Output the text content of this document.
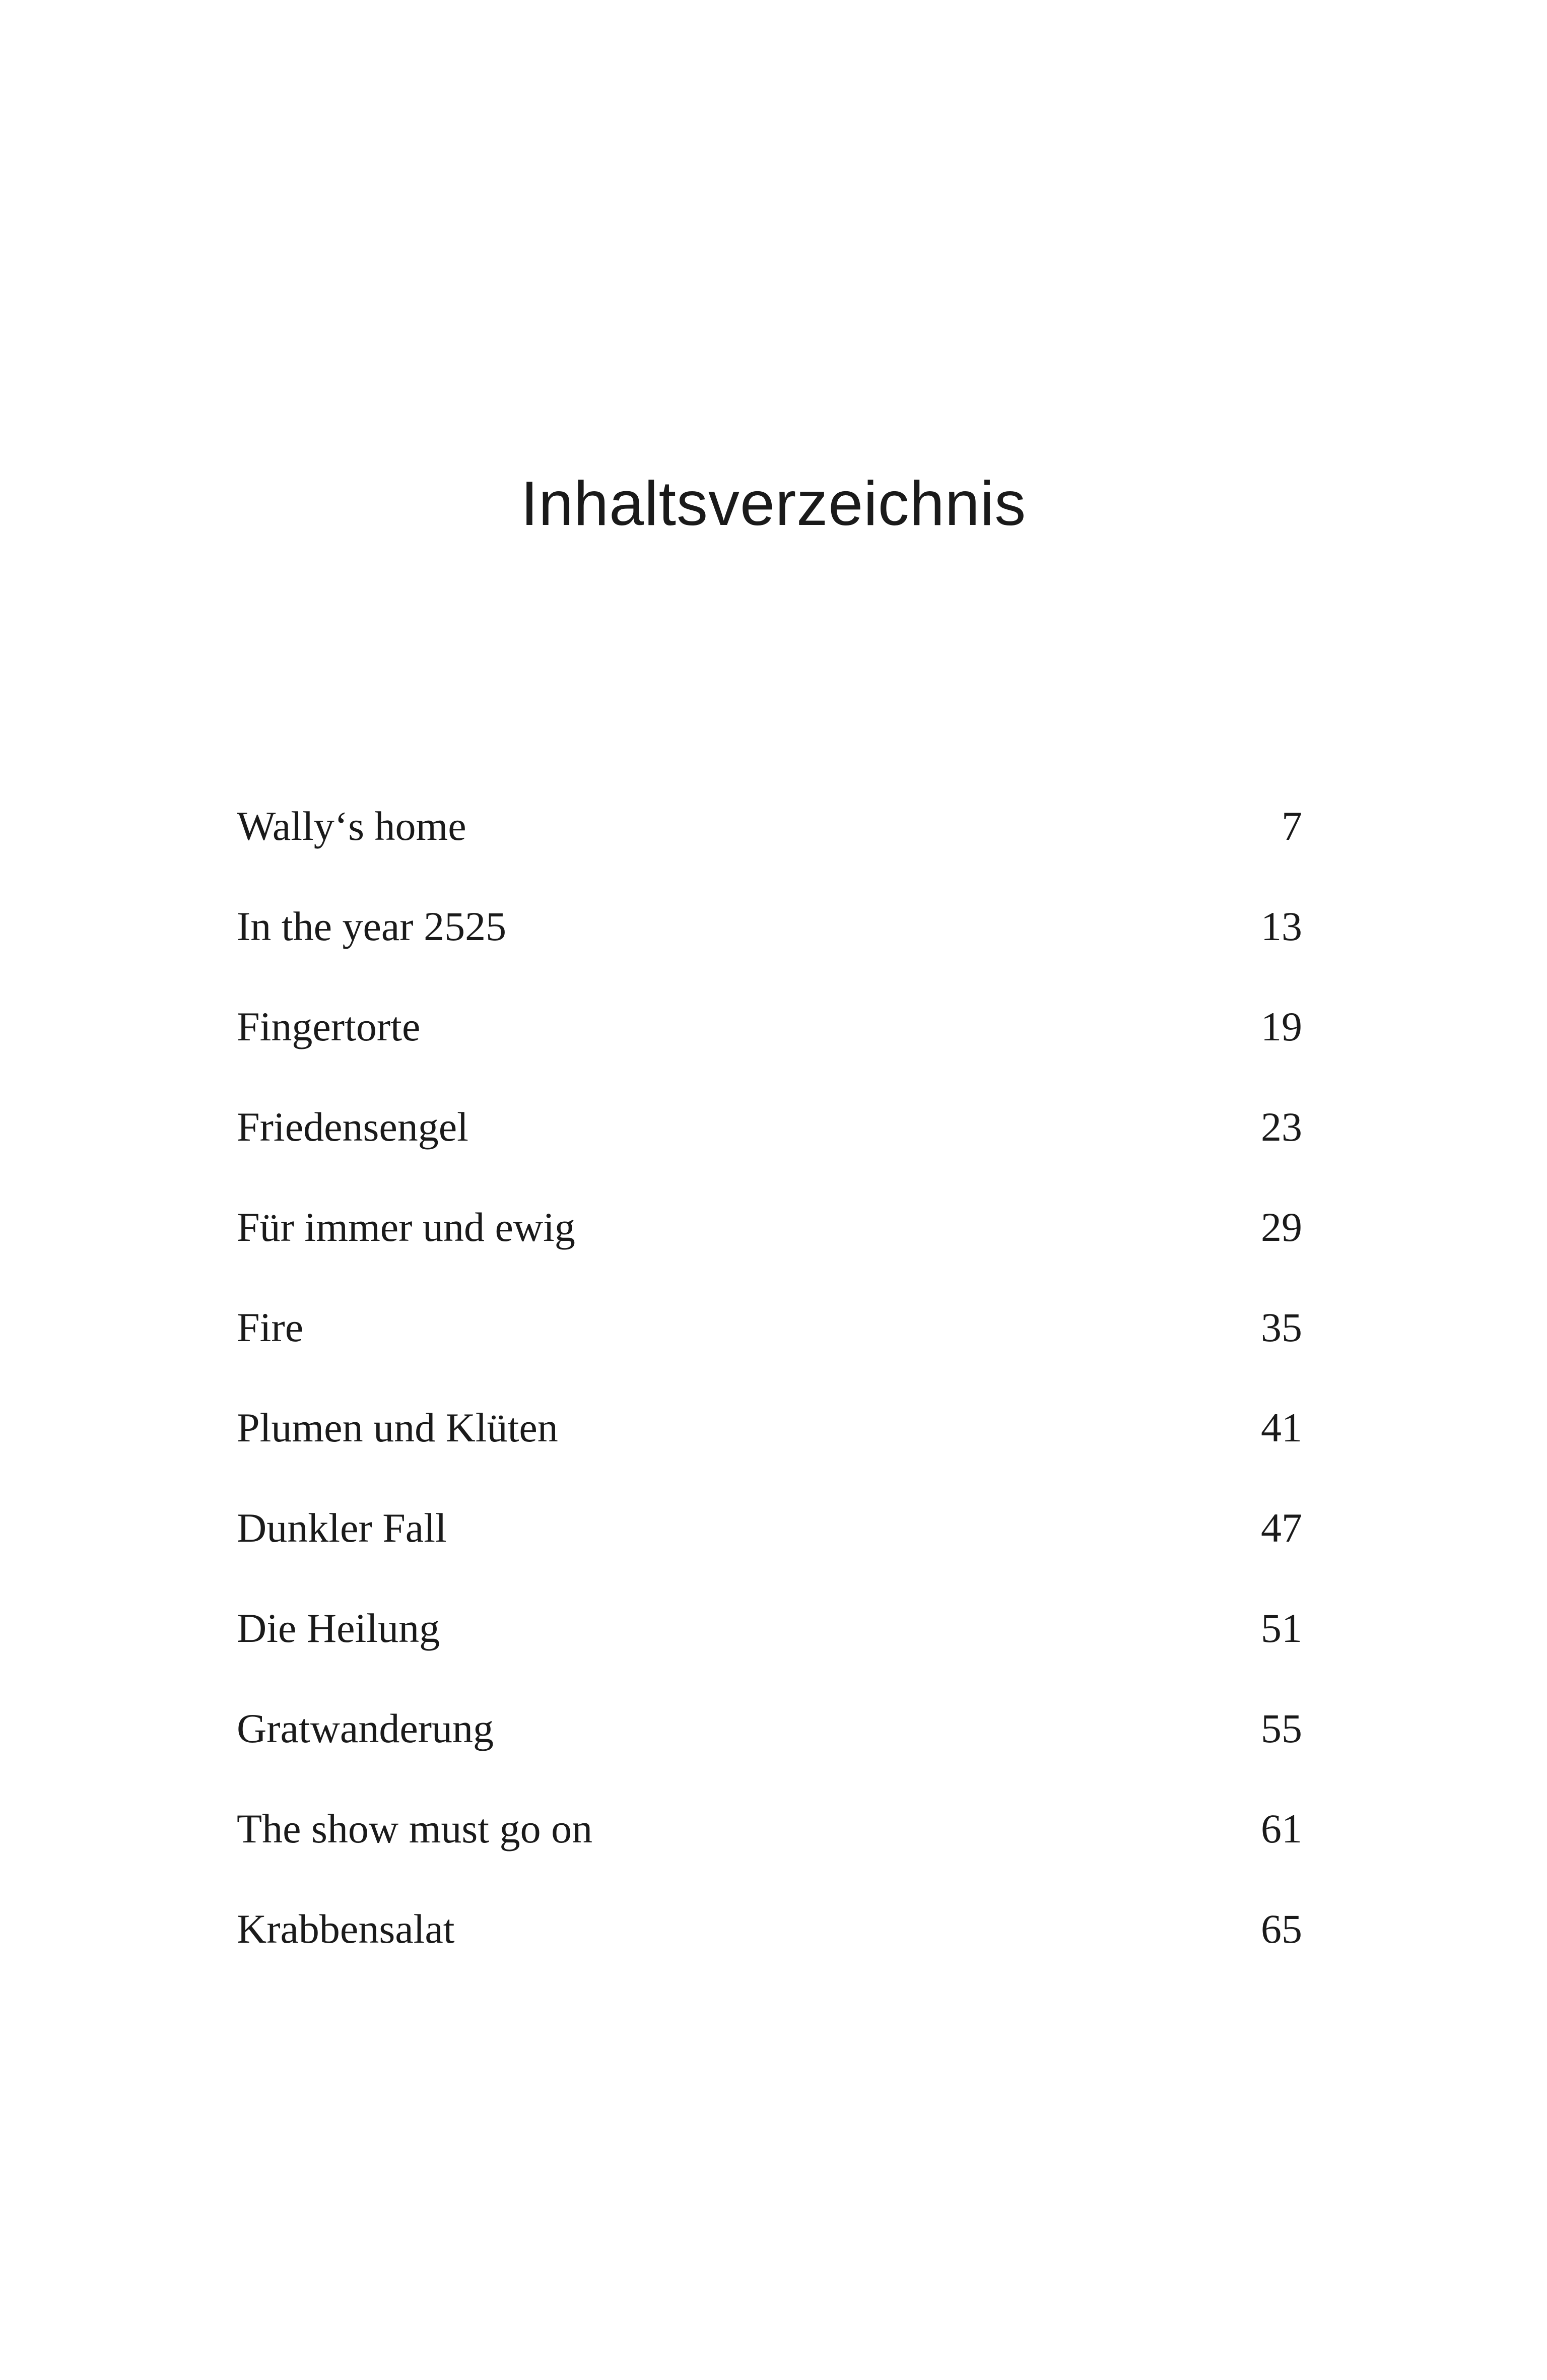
Inhaltsverzeichnis
Wally‘s home	7
In the year 2525	13
Fingertorte	19
Friedensengel	23
Für immer und ewig	29
Fire	35
Plumen und Klüten	41
Dunkler Fall	47
Die Heilung	51
Gratwanderung	55
The show must go on	61
Krabbensalat	65
